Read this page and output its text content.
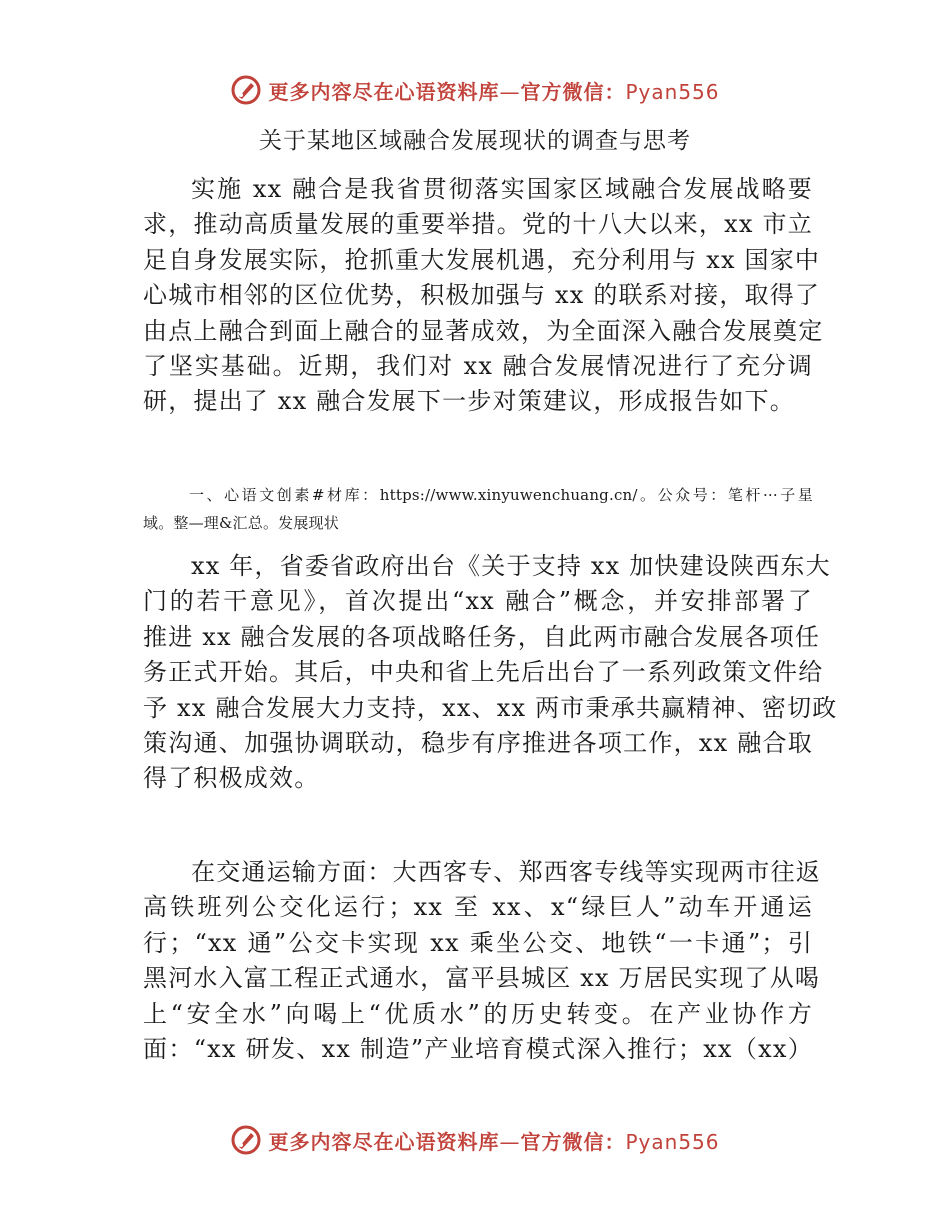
更多内容尽在心语资料库—官方微信：Pyan556
关于某地区域融合发展现状的调查与思考
实施 xx 融合是我省贯彻落实国家区域融合发展战略要
求，推动高质量发展的重要举措。党的十八大以来，xx 市立
足自身发展实际，抢抓重大发展机遇，充分利用与 xx 国家中
心城市相邻的区位优势，积极加强与 xx 的联系对接，取得了
由点上融合到面上融合的显著成效，为全面深入融合发展奠定
了坚实基础。近期，我们对 xx 融合发展情况进行了充分调
研，提出了 xx 融合发展下一步对策建议，形成报告如下。
一、心语文创素#材库：https://www.xinyuwenchuang.cn/。公众号：笔杆···子星
域。整—理&汇总。发展现状
xx 年，省委省政府出台《关于支持 xx 加快建设陕西东大
门的若干意见》，首次提出“xx 融合”概念，并安排部署了
推进 xx 融合发展的各项战略任务，自此两市融合发展各项任
务正式开始。其后，中央和省上先后出台了一系列政策文件给
予 xx 融合发展大力支持，xx、xx 两市秉承共赢精神、密切政
策沟通、加强协调联动，稳步有序推进各项工作，xx 融合取
得了积极成效。
在交通运输方面：大西客专、郑西客专线等实现两市往返
高铁班列公交化运行；xx 至 xx、x“绿巨人”动车开通运
行；“xx 通”公交卡实现 xx 乘坐公交、地铁“一卡通”；引
黑河水入富工程正式通水，富平县城区 xx 万居民实现了从喝
上“安全水”向喝上“优质水”的历史转变。在产业协作方
面：“xx 研发、xx 制造”产业培育模式深入推行；xx（xx）
更多内容尽在心语资料库—官方微信：Pyan556
